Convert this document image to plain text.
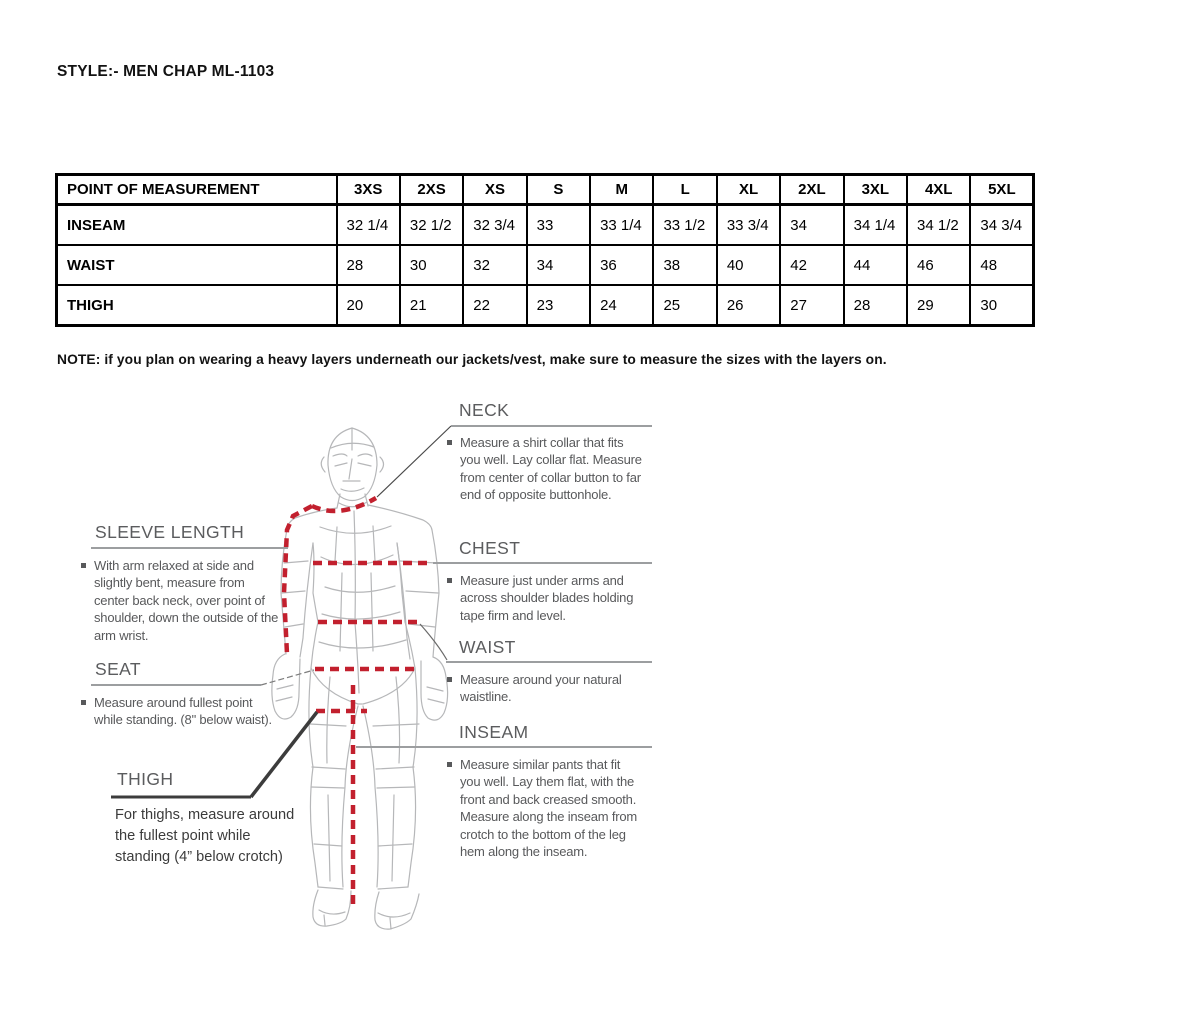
STYLE:- MEN CHAP ML-1103
POINT OF MEASUREMENT	3XS	2XS	XS	S	M	L	XL	2XL	3XL	4XL	5XL
INSEAM	32 1/4	32 1/2	32 3/4	33	33 1/4	33 1/2	33 3/4	34	34 1/4	34 1/2	34 3/4
WAIST	28	30	32	34	36	38	40	42	44	46	48
THIGH	20	21	22	23	24	25	26	27	28	29	30
NOTE: if you plan on wearing a heavy layers underneath our jackets/vest, make sure to measure the sizes with the layers on.
NECK
Measure a shirt collar that fits you well. Lay collar flat. Measure from center of collar button to far end of opposite buttonhole.
CHEST
Measure just under arms and across shoulder blades holding tape firm and level.
WAIST
Measure around your natural waistline.
INSEAM
Measure similar pants that fit you well. Lay them flat, with the front and back creased smooth. Measure along the inseam from crotch to the bottom of the leg hem along the inseam.
SLEEVE LENGTH
With arm relaxed at side and slightly bent, measure from center back neck, over point of shoulder, down the outside of the arm wrist.
SEAT
Measure around fullest point while standing. (8" below waist).
THIGH
For thighs, measure around the fullest point while standing (4” below crotch)
